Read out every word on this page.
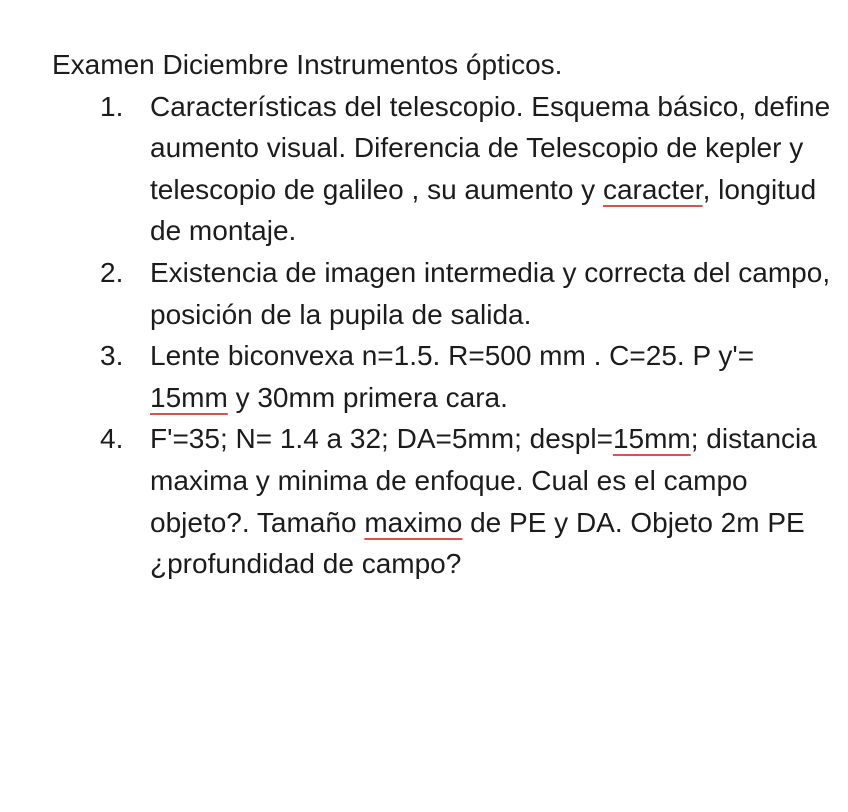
Examen Diciembre Instrumentos ópticos.
1. Características del telescopio. Esquema básico, define aumento visual. Diferencia de Telescopio de kepler y telescopio de galileo , su aumento y caracter, longitud de montaje.
2. Existencia de imagen intermedia y correcta del campo, posición de la pupila de salida.
3. Lente biconvexa n=1.5. R=500 mm . C=25. P y'= 15mm y 30mm primera cara.
4. F'=35; N= 1.4 a 32; DA=5mm; despl=15mm; distancia maxima y minima de enfoque. Cual es el campo objeto?. Tamaño maximo de PE y DA. Objeto 2m PE ¿profundidad de campo?
